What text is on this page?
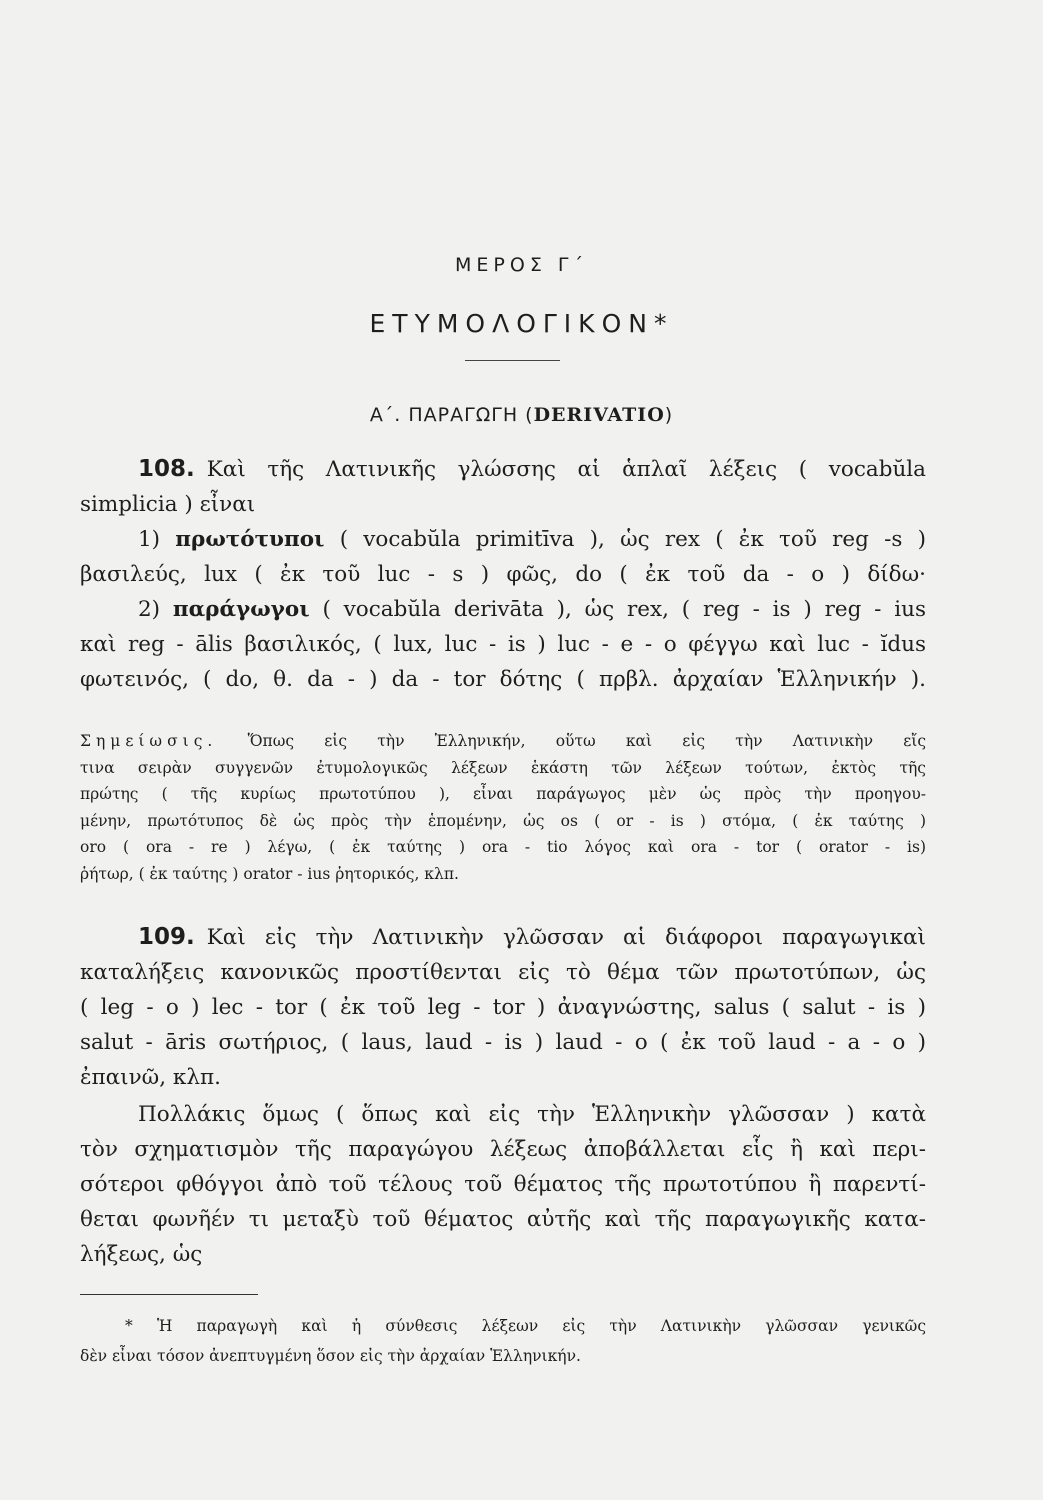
ΜΕΡΟΣ Γ΄
ΕΤΥΜΟΛΟΓΙΚΟΝ*
Α΄. ΠΑΡΑΓΩΓΗ (DERIVATIO)
108. Καὶ τῆς Λατινικῆς γλώσσης αἱ ἁπλαῖ λέξεις ( vocabŭla
simplicia ) εἶναι
1) πρωτότυποι ( vocabŭla primitīva ), ὡς rex ( ἐκ τοῦ reg -s )
βασιλεύς, lux ( ἐκ τοῦ luc - s ) φῶς, do ( ἐκ τοῦ da - o ) δίδω·
2) παράγωγοι ( vocabŭla derivāta ), ὡς rex, ( reg - is ) reg - ius
καὶ reg - ālis βασιλικός, ( lux, luc - is ) luc - e - o φέγγω καὶ luc - ĭdus
φωτεινός, ( do, θ. da - ) da - tor δότης ( πρβλ. ἀρχαίαν Ἑλληνικήν ).
Σημείωσις. Ὅπως εἰς τὴν Ἑλληνικήν, οὕτω καὶ εἰς τὴν Λατινικὴν εἴς
τινα σειρὰν συγγενῶν ἐτυμολογικῶς λέξεων ἑκάστη τῶν λέξεων τούτων, ἐκτὸς τῆς
πρώτης ( τῆς κυρίως πρωτοτύπου ), εἶναι παράγωγος μὲν ὡς πρὸς τὴν προηγου-
μένην, πρωτότυπος δὲ ὡς πρὸς τὴν ἑπομένην, ὡς os ( or - is ) στόμα, ( ἐκ ταύτης )
oro ( ora - re ) λέγω, ( ἐκ ταύτης ) ora - tio λόγος καὶ ora - tor ( orator - is)
ῥήτωρ, ( ἐκ ταύτης ) orator - ius ῥητορικός, κλπ.
109. Καὶ εἰς τὴν Λατινικὴν γλῶσσαν αἱ διάφοροι παραγωγικαὶ
καταλήξεις κανονικῶς προστίθενται εἰς τὸ θέμα τῶν πρωτοτύπων, ὡς
( leg - o ) lec - tor ( ἐκ τοῦ leg - tor ) ἀναγνώστης, salus ( salut - is )
salut - āris σωτήριος, ( laus, laud - is ) laud - o ( ἐκ τοῦ laud - a - o )
ἐπαινῶ, κλπ.
Πολλάκις ὅμως ( ὅπως καὶ εἰς τὴν Ἑλληνικὴν γλῶσσαν ) κατὰ
τὸν σχηματισμὸν τῆς παραγώγου λέξεως ἀποβάλλεται εἷς ἢ καὶ περι-
σότεροι φθόγγοι ἀπὸ τοῦ τέλους τοῦ θέματος τῆς πρωτοτύπου ἢ παρεντί-
θεται φωνῆέν τι μεταξὺ τοῦ θέματος αὐτῆς καὶ τῆς παραγωγικῆς κατα-
λήξεως, ὡς
* Ἡ παραγωγὴ καὶ ἡ σύνθεσις λέξεων εἰς τὴν Λατινικὴν γλῶσσαν γενικῶς
δὲν εἶναι τόσον ἀνεπτυγμένη ὅσον εἰς τὴν ἀρχαίαν Ἑλληνικήν.
